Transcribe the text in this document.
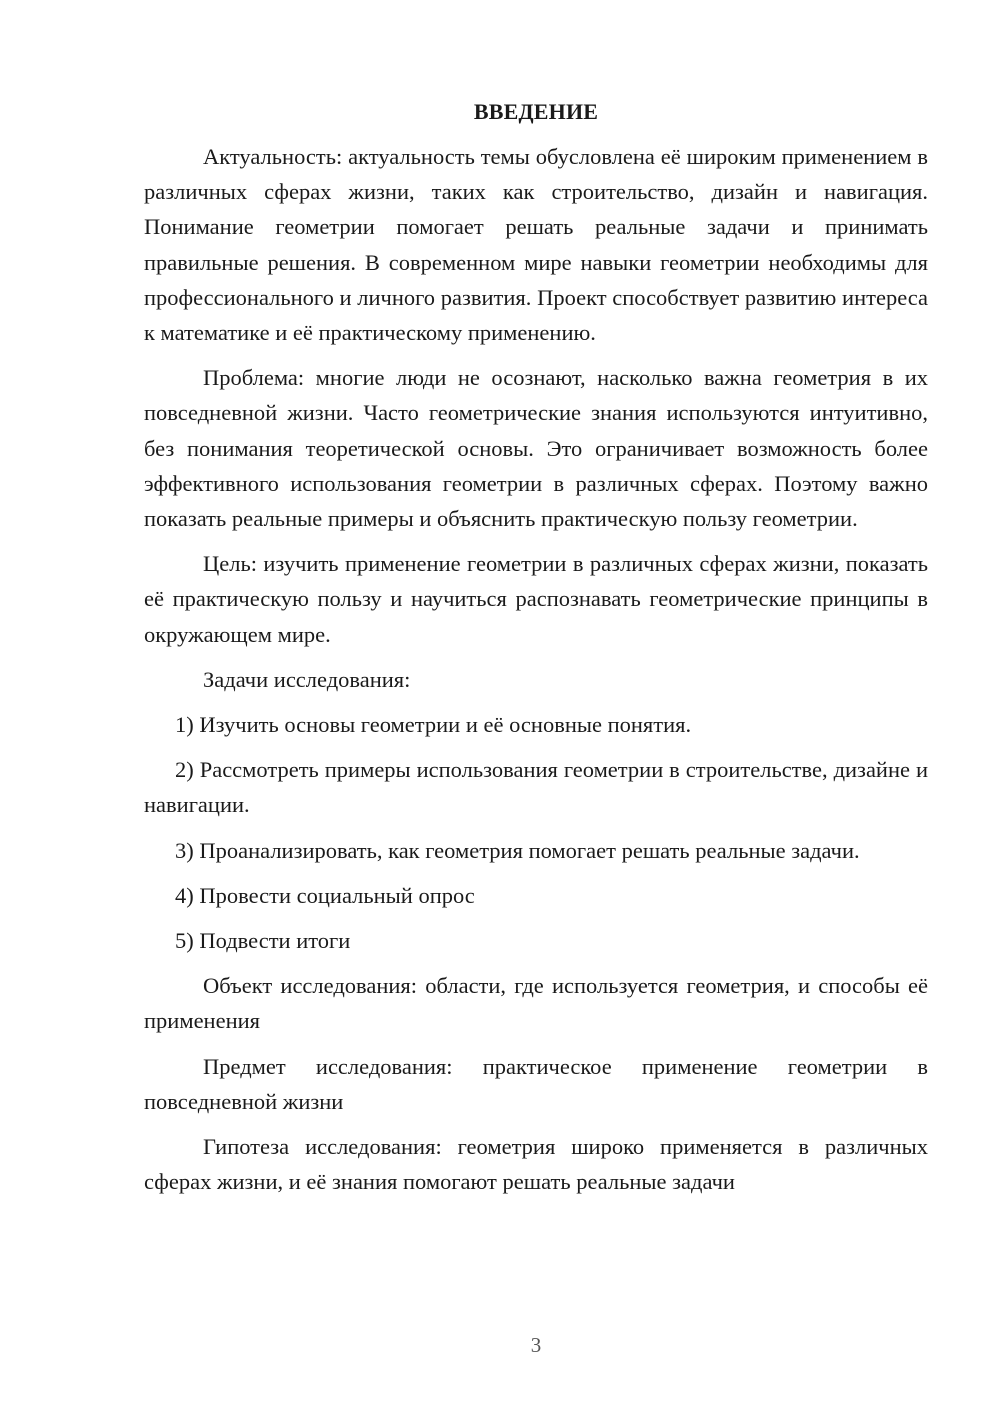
ВВЕДЕНИЕ

Актуальность: актуальность темы обусловлена её широким применением в различных сферах жизни, таких как строительство, дизайн и навигация. Понимание геометрии помогает решать реальные задачи и принимать правильные решения. В современном мире навыки геометрии необходимы для профессионального и личного развития. Проект способствует развитию интереса к математике и её практическому применению.

Проблема: многие люди не осознают, насколько важна геометрия в их повседневной жизни. Часто геометрические знания используются интуитивно, без понимания теоретической основы. Это ограничивает возможность более эффективного использования геометрии в различных сферах. Поэтому важно показать реальные примеры и объяснить практическую пользу геометрии.

Цель: изучить применение геометрии в различных сферах жизни, показать её практическую пользу и научиться распознавать геометрические принципы в окружающем мире.

Задачи исследования:

1) Изучить основы геометрии и её основные понятия.

2) Рассмотреть примеры использования геометрии в строительстве, дизайне и навигации.

3) Проанализировать, как геометрия помогает решать реальные задачи.

4) Провести социальный опрос

5) Подвести итоги

Объект исследования: области, где используется геометрия, и способы её применения

Предмет исследования: практическое применение геометрии в повседневной жизни

Гипотеза исследования: геометрия широко применяется в различных сферах жизни, и её знания помогают решать реальные задачи

3
